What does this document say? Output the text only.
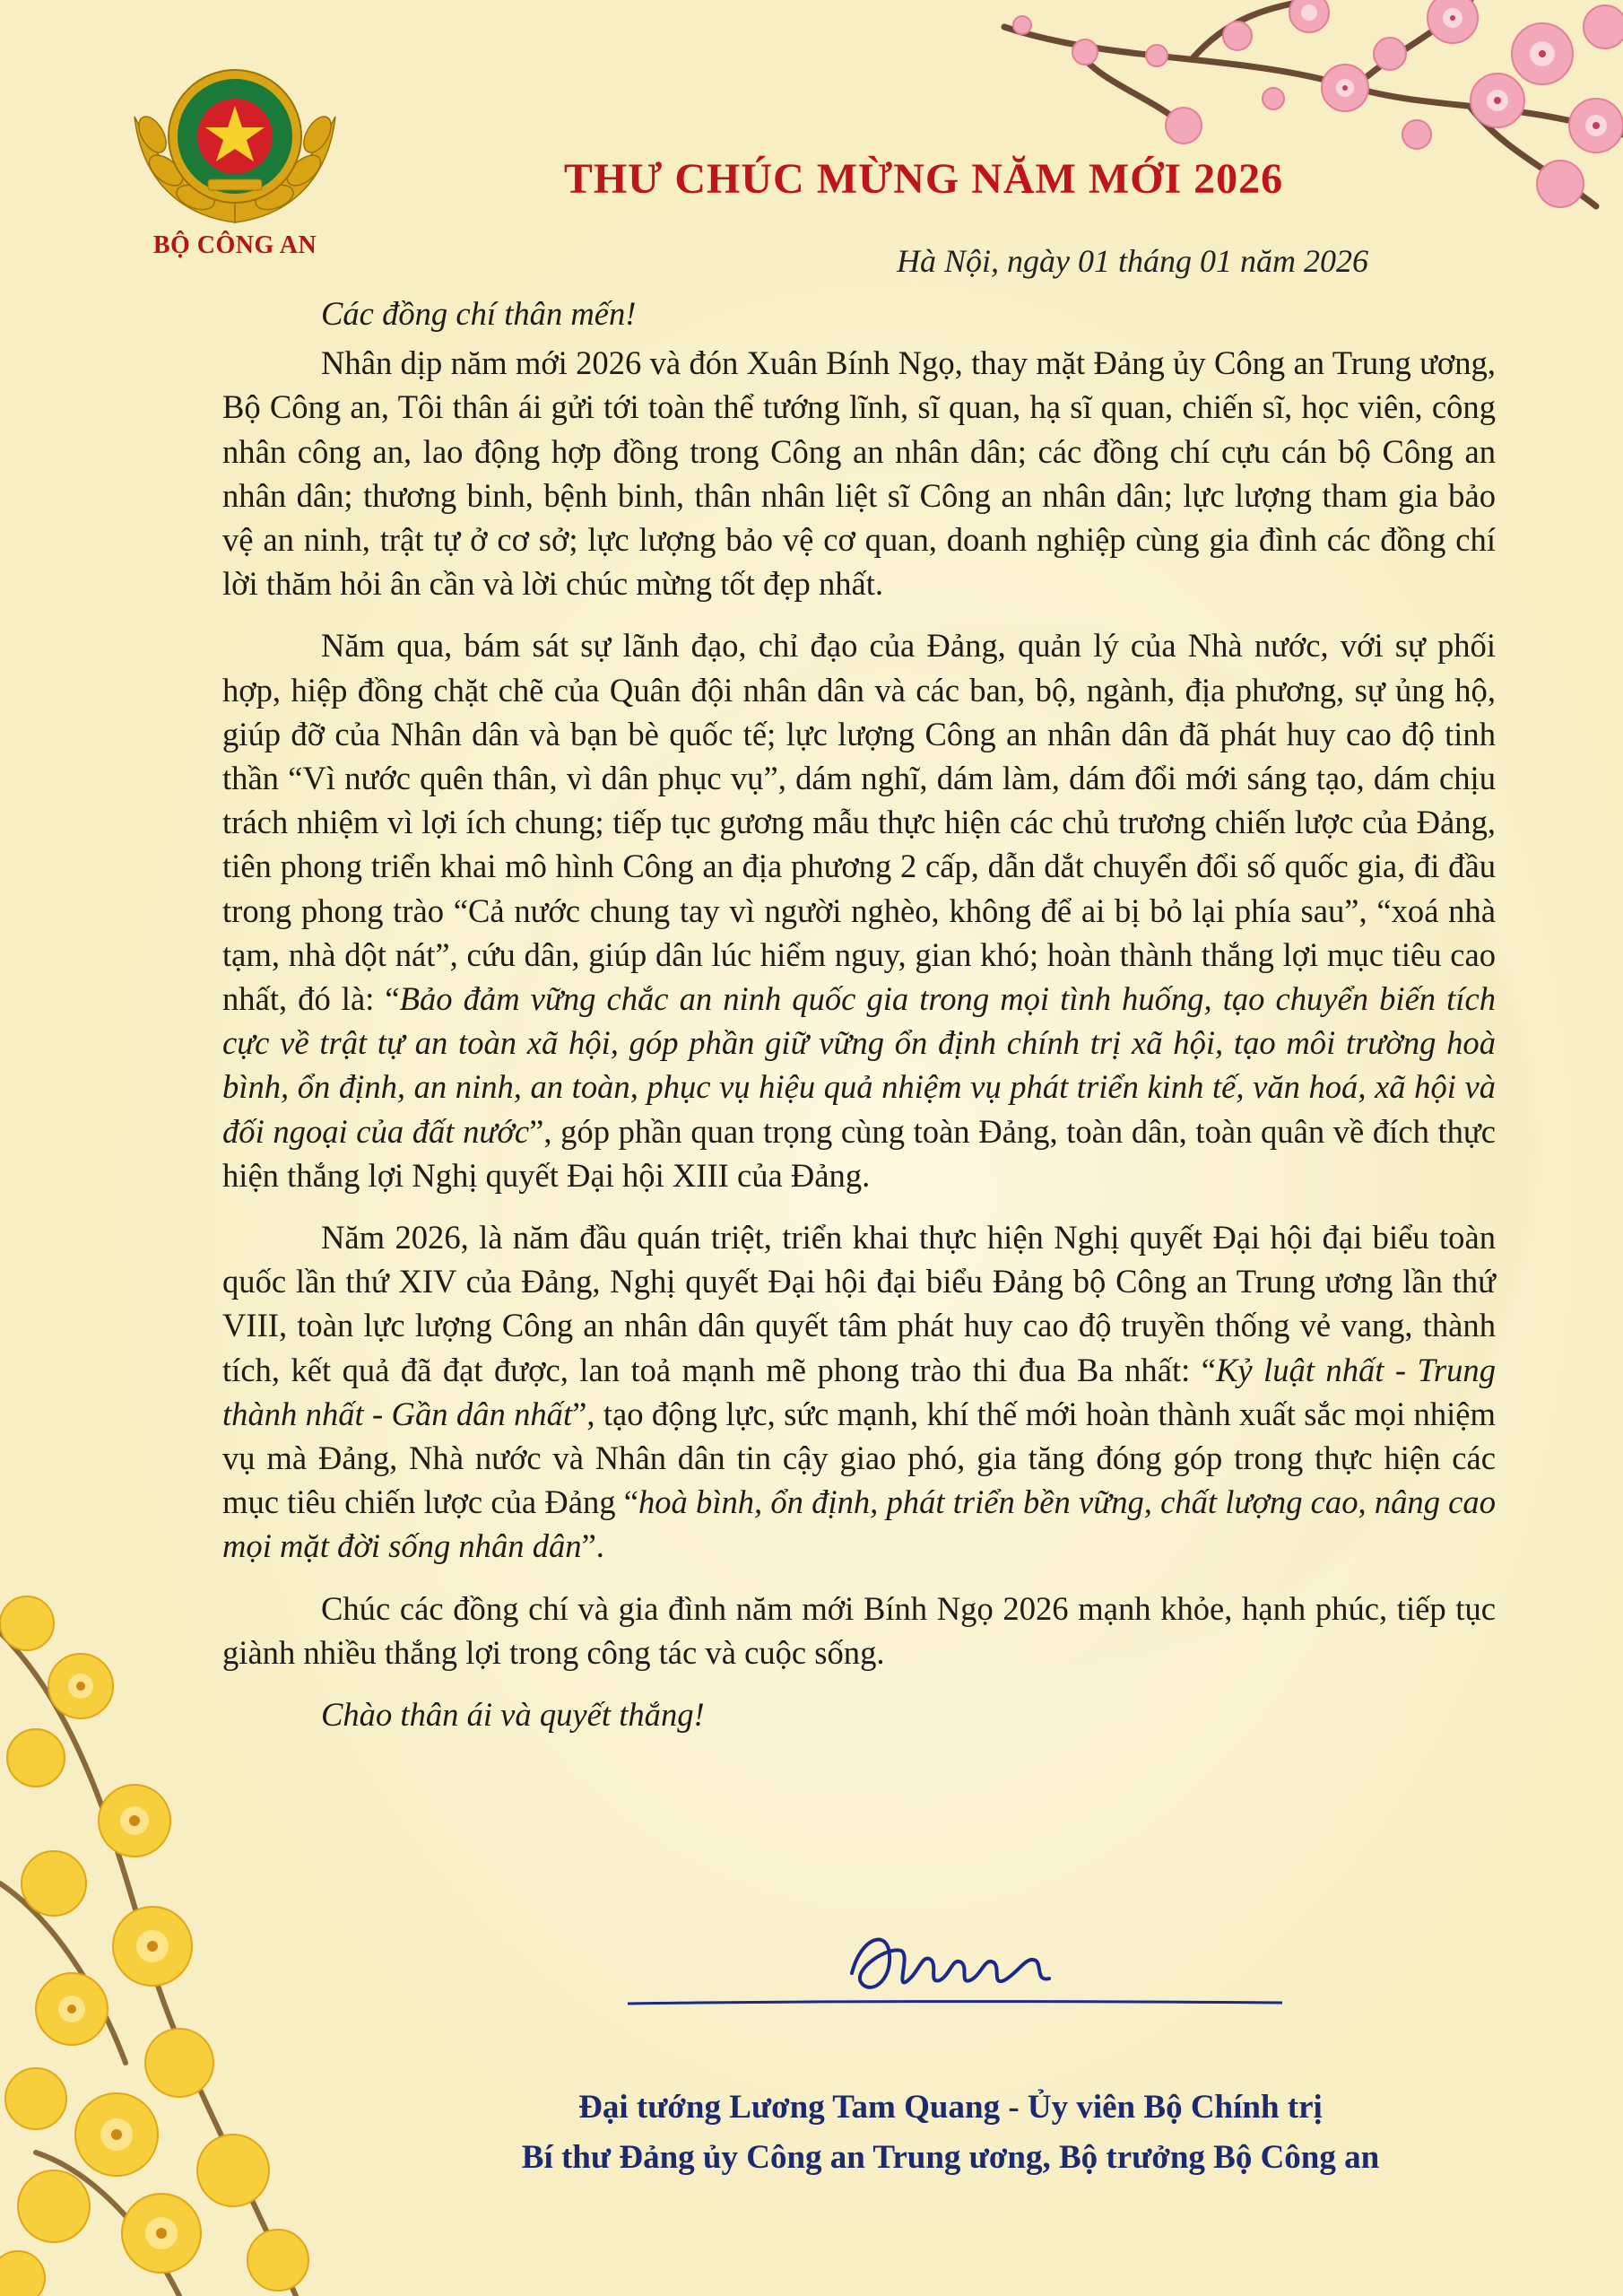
BỘ CÔNG AN
THƯ CHÚC MỪNG NĂM MỚI 2026
Hà Nội, ngày 01 tháng 01 năm 2026

Các đồng chí thân mến!

Nhân dịp năm mới 2026 và đón Xuân Bính Ngọ, thay mặt Đảng ủy Công an Trung ương, Bộ Công an, Tôi thân ái gửi tới toàn thể tướng lĩnh, sĩ quan, hạ sĩ quan, chiến sĩ, học viên, công nhân công an, lao động hợp đồng trong Công an nhân dân; các đồng chí cựu cán bộ Công an nhân dân; thương binh, bệnh binh, thân nhân liệt sĩ Công an nhân dân; lực lượng tham gia bảo vệ an ninh, trật tự ở cơ sở; lực lượng bảo vệ cơ quan, doanh nghiệp cùng gia đình các đồng chí lời thăm hỏi ân cần và lời chúc mừng tốt đẹp nhất.

Năm qua, bám sát sự lãnh đạo, chỉ đạo của Đảng, quản lý của Nhà nước, với sự phối hợp, hiệp đồng chặt chẽ của Quân đội nhân dân và các ban, bộ, ngành, địa phương, sự ủng hộ, giúp đỡ của Nhân dân và bạn bè quốc tế; lực lượng Công an nhân dân đã phát huy cao độ tinh thần “Vì nước quên thân, vì dân phục vụ”, dám nghĩ, dám làm, dám đổi mới sáng tạo, dám chịu trách nhiệm vì lợi ích chung; tiếp tục gương mẫu thực hiện các chủ trương chiến lược của Đảng, tiên phong triển khai mô hình Công an địa phương 2 cấp, dẫn dắt chuyển đổi số quốc gia, đi đầu trong phong trào “Cả nước chung tay vì người nghèo, không để ai bị bỏ lại phía sau”, “xoá nhà tạm, nhà dột nát”, cứu dân, giúp dân lúc hiểm nguy, gian khó; hoàn thành thắng lợi mục tiêu cao nhất, đó là: “Bảo đảm vững chắc an ninh quốc gia trong mọi tình huống, tạo chuyển biến tích cực về trật tự an toàn xã hội, góp phần giữ vững ổn định chính trị xã hội, tạo môi trường hoà bình, ổn định, an ninh, an toàn, phục vụ hiệu quả nhiệm vụ phát triển kinh tế, văn hoá, xã hội và đối ngoại của đất nước”, góp phần quan trọng cùng toàn Đảng, toàn dân, toàn quân về đích thực hiện thắng lợi Nghị quyết Đại hội XIII của Đảng.

Năm 2026, là năm đầu quán triệt, triển khai thực hiện Nghị quyết Đại hội đại biểu toàn quốc lần thứ XIV của Đảng, Nghị quyết Đại hội đại biểu Đảng bộ Công an Trung ương lần thứ VIII, toàn lực lượng Công an nhân dân quyết tâm phát huy cao độ truyền thống vẻ vang, thành tích, kết quả đã đạt được, lan toả mạnh mẽ phong trào thi đua Ba nhất: “Kỷ luật nhất - Trung thành nhất - Gần dân nhất”, tạo động lực, sức mạnh, khí thế mới hoàn thành xuất sắc mọi nhiệm vụ mà Đảng, Nhà nước và Nhân dân tin cậy giao phó, gia tăng đóng góp trong thực hiện các mục tiêu chiến lược của Đảng “hoà bình, ổn định, phát triển bền vững, chất lượng cao, nâng cao mọi mặt đời sống nhân dân”.

Chúc các đồng chí và gia đình năm mới Bính Ngọ 2026 mạnh khỏe, hạnh phúc, tiếp tục giành nhiều thắng lợi trong công tác và cuộc sống.

Chào thân ái và quyết thắng!

Đại tướng Lương Tam Quang - Ủy viên Bộ Chính trị
Bí thư Đảng ủy Công an Trung ương, Bộ trưởng Bộ Công an
